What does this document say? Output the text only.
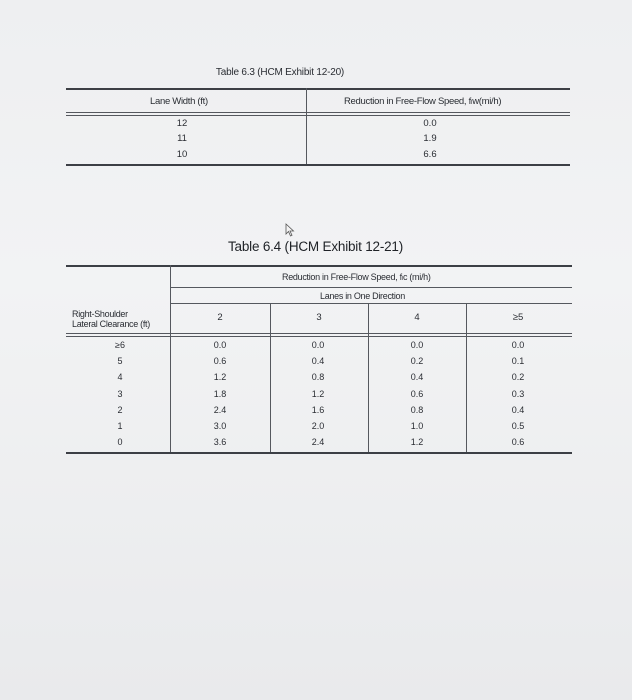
Table 6.3 (HCM Exhibit 12-20)
Lane Width (ft)	Reduction in Free-Flow Speed, fₗw(mi/h)
12	0.0
11	1.9
10	6.6
Table 6.4 (HCM Exhibit 12-21)
Reduction in Free-Flow Speed, fₗc (mi/h)
Lanes in One Direction
Right-Shoulder
Lateral Clearance (ft)
2	3	4	≥5
≥6	0.0	0.0	0.0	0.0
5	0.6	0.4	0.2	0.1
4	1.2	0.8	0.4	0.2
3	1.8	1.2	0.6	0.3
2	2.4	1.6	0.8	0.4
1	3.0	2.0	1.0	0.5
0	3.6	2.4	1.2	0.6
